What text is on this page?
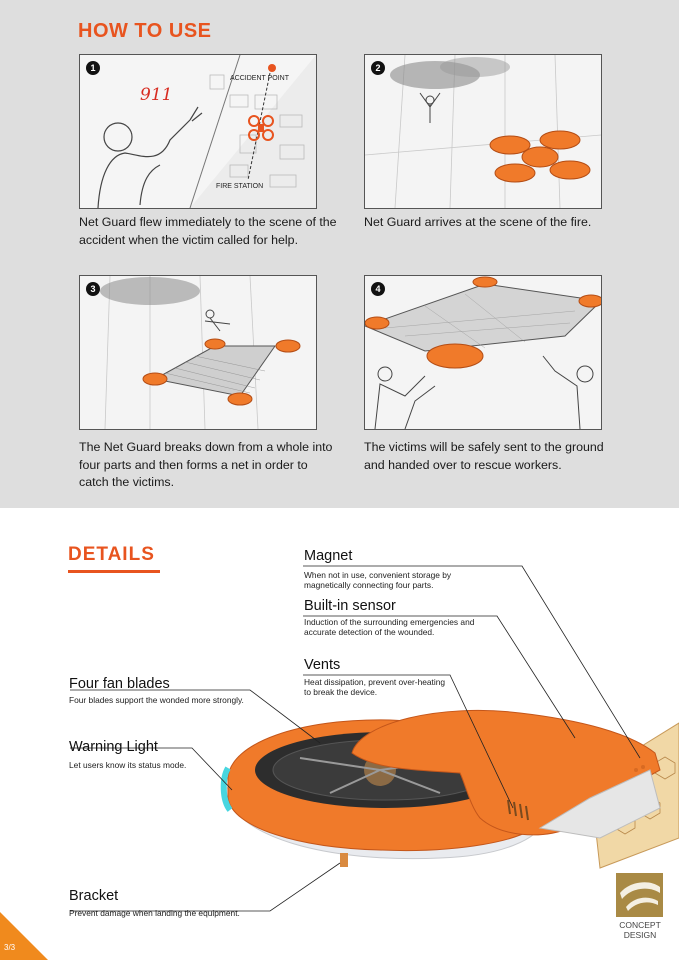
HOW TO USE
1
911
ACCIDENT POINT
FIRE STATION
Net Guard flew immediately to the scene of the accident when the victim called for help.
2
Net Guard arrives at the scene of the fire.
3
The Net Guard breaks down from a whole into four parts and then forms a net in order to catch the victims.
4
The victims will be safely sent to the ground and handed over to rescue workers.
DETAILS	Magnet
When not in use, convenient storage by magnetically connecting four parts.
Built-in sensor
Induction of the surrounding emergencies and accurate detection of the wounded.
Vents
Heat dissipation, prevent over-heating to break the device.
Four fan blades
Four blades support the wonded more strongly.
Warning Light
Let users know its status mode.
Bracket
Prevent damage when landing the equipment.
CONCEPT
DESIGN
3/3
